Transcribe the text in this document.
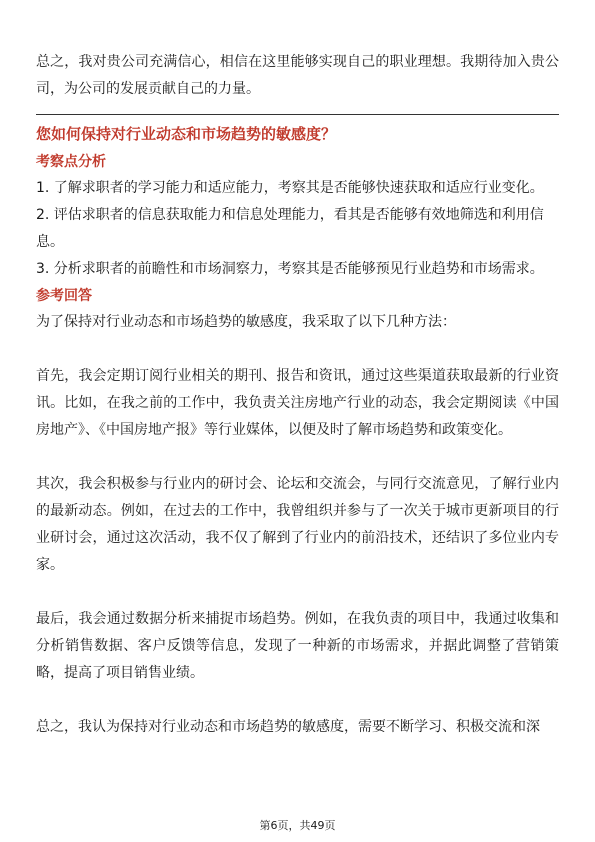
总之，我对贵公司充满信心，相信在这里能够实现自己的职业理想。我期待加入贵公司，为公司的发展贡献自己的力量。

您如何保持对行业动态和市场趋势的敏感度？

考察点分析

1. 了解求职者的学习能力和适应能力，考察其是否能够快速获取和适应行业变化。

2. 评估求职者的信息获取能力和信息处理能力，看其是否能够有效地筛选和利用信息。

3. 分析求职者的前瞻性和市场洞察力，考察其是否能够预见行业趋势和市场需求。

参考回答

为了保持对行业动态和市场趋势的敏感度，我采取了以下几种方法：

首先，我会定期订阅行业相关的期刊、报告和资讯，通过这些渠道获取最新的行业资讯。比如，在我之前的工作中，我负责关注房地产行业的动态，我会定期阅读《中国房地产》、《中国房地产报》等行业媒体，以便及时了解市场趋势和政策变化。

其次，我会积极参与行业内的研讨会、论坛和交流会，与同行交流意见，了解行业内的最新动态。例如，在过去的工作中，我曾组织并参与了一次关于城市更新项目的行业研讨会，通过这次活动，我不仅了解到了行业内的前沿技术，还结识了多位业内专家。

最后，我会通过数据分析来捕捉市场趋势。例如，在我负责的项目中，我通过收集和分析销售数据、客户反馈等信息，发现了一种新的市场需求，并据此调整了营销策略，提高了项目销售业绩。

总之，我认为保持对行业动态和市场趋势的敏感度，需要不断学习、积极交流和深

第6页，共49页
